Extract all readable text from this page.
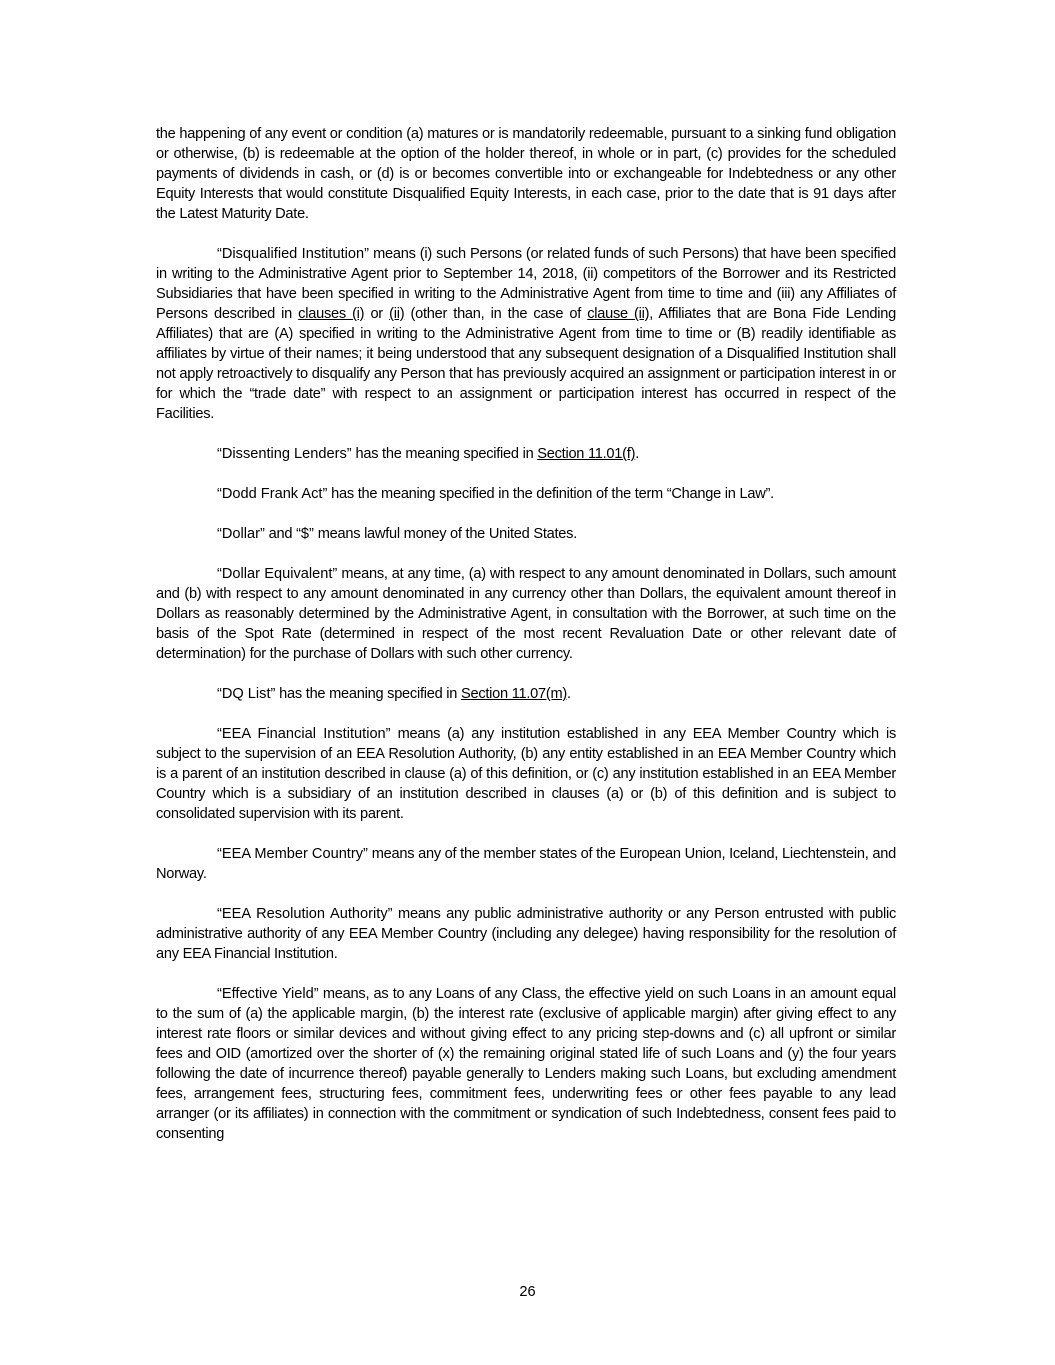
the happening of any event or condition (a) matures or is mandatorily redeemable, pursuant to a sinking fund obligation or otherwise, (b) is redeemable at the option of the holder thereof, in whole or in part, (c) provides for the scheduled payments of dividends in cash, or (d) is or becomes convertible into or exchangeable for Indebtedness or any other Equity Interests that would constitute Disqualified Equity Interests, in each case, prior to the date that is 91 days after the Latest Maturity Date.

“Disqualified Institution” means (i) such Persons (or related funds of such Persons) that have been specified in writing to the Administrative Agent prior to September 14, 2018, (ii) competitors of the Borrower and its Restricted Subsidiaries that have been specified in writing to the Administrative Agent from time to time and (iii) any Affiliates of Persons described in clauses (i) or (ii) (other than, in the case of clause (ii), Affiliates that are Bona Fide Lending Affiliates) that are (A) specified in writing to the Administrative Agent from time to time or (B) readily identifiable as affiliates by virtue of their names; it being understood that any subsequent designation of a Disqualified Institution shall not apply retroactively to disqualify any Person that has previously acquired an assignment or participation interest in or for which the “trade date” with respect to an assignment or participation interest has occurred in respect of the Facilities.

“Dissenting Lenders” has the meaning specified in Section 11.01(f).

“Dodd Frank Act” has the meaning specified in the definition of the term “Change in Law”.

“Dollar” and “$” means lawful money of the United States.

“Dollar Equivalent” means, at any time, (a) with respect to any amount denominated in Dollars, such amount and (b) with respect to any amount denominated in any currency other than Dollars, the equivalent amount thereof in Dollars as reasonably determined by the Administrative Agent, in consultation with the Borrower, at such time on the basis of the Spot Rate (determined in respect of the most recent Revaluation Date or other relevant date of determination) for the purchase of Dollars with such other currency.

“DQ List” has the meaning specified in Section 11.07(m).

“EEA Financial Institution” means (a) any institution established in any EEA Member Country which is subject to the supervision of an EEA Resolution Authority, (b) any entity established in an EEA Member Country which is a parent of an institution described in clause (a) of this definition, or (c) any institution established in an EEA Member Country which is a subsidiary of an institution described in clauses (a) or (b) of this definition and is subject to consolidated supervision with its parent.

“EEA Member Country” means any of the member states of the European Union, Iceland, Liechtenstein, and Norway.

“EEA Resolution Authority” means any public administrative authority or any Person entrusted with public administrative authority of any EEA Member Country (including any delegee) having responsibility for the resolution of any EEA Financial Institution.

“Effective Yield” means, as to any Loans of any Class, the effective yield on such Loans in an amount equal to the sum of (a) the applicable margin, (b) the interest rate (exclusive of applicable margin) after giving effect to any interest rate floors or similar devices and without giving effect to any pricing step-downs and (c) all upfront or similar fees and OID (amortized over the shorter of (x) the remaining original stated life of such Loans and (y) the four years following the date of incurrence thereof) payable generally to Lenders making such Loans, but excluding amendment fees, arrangement fees, structuring fees, commitment fees, underwriting fees or other fees payable to any lead arranger (or its affiliates) in connection with the commitment or syndication of such Indebtedness, consent fees paid to consenting

26
